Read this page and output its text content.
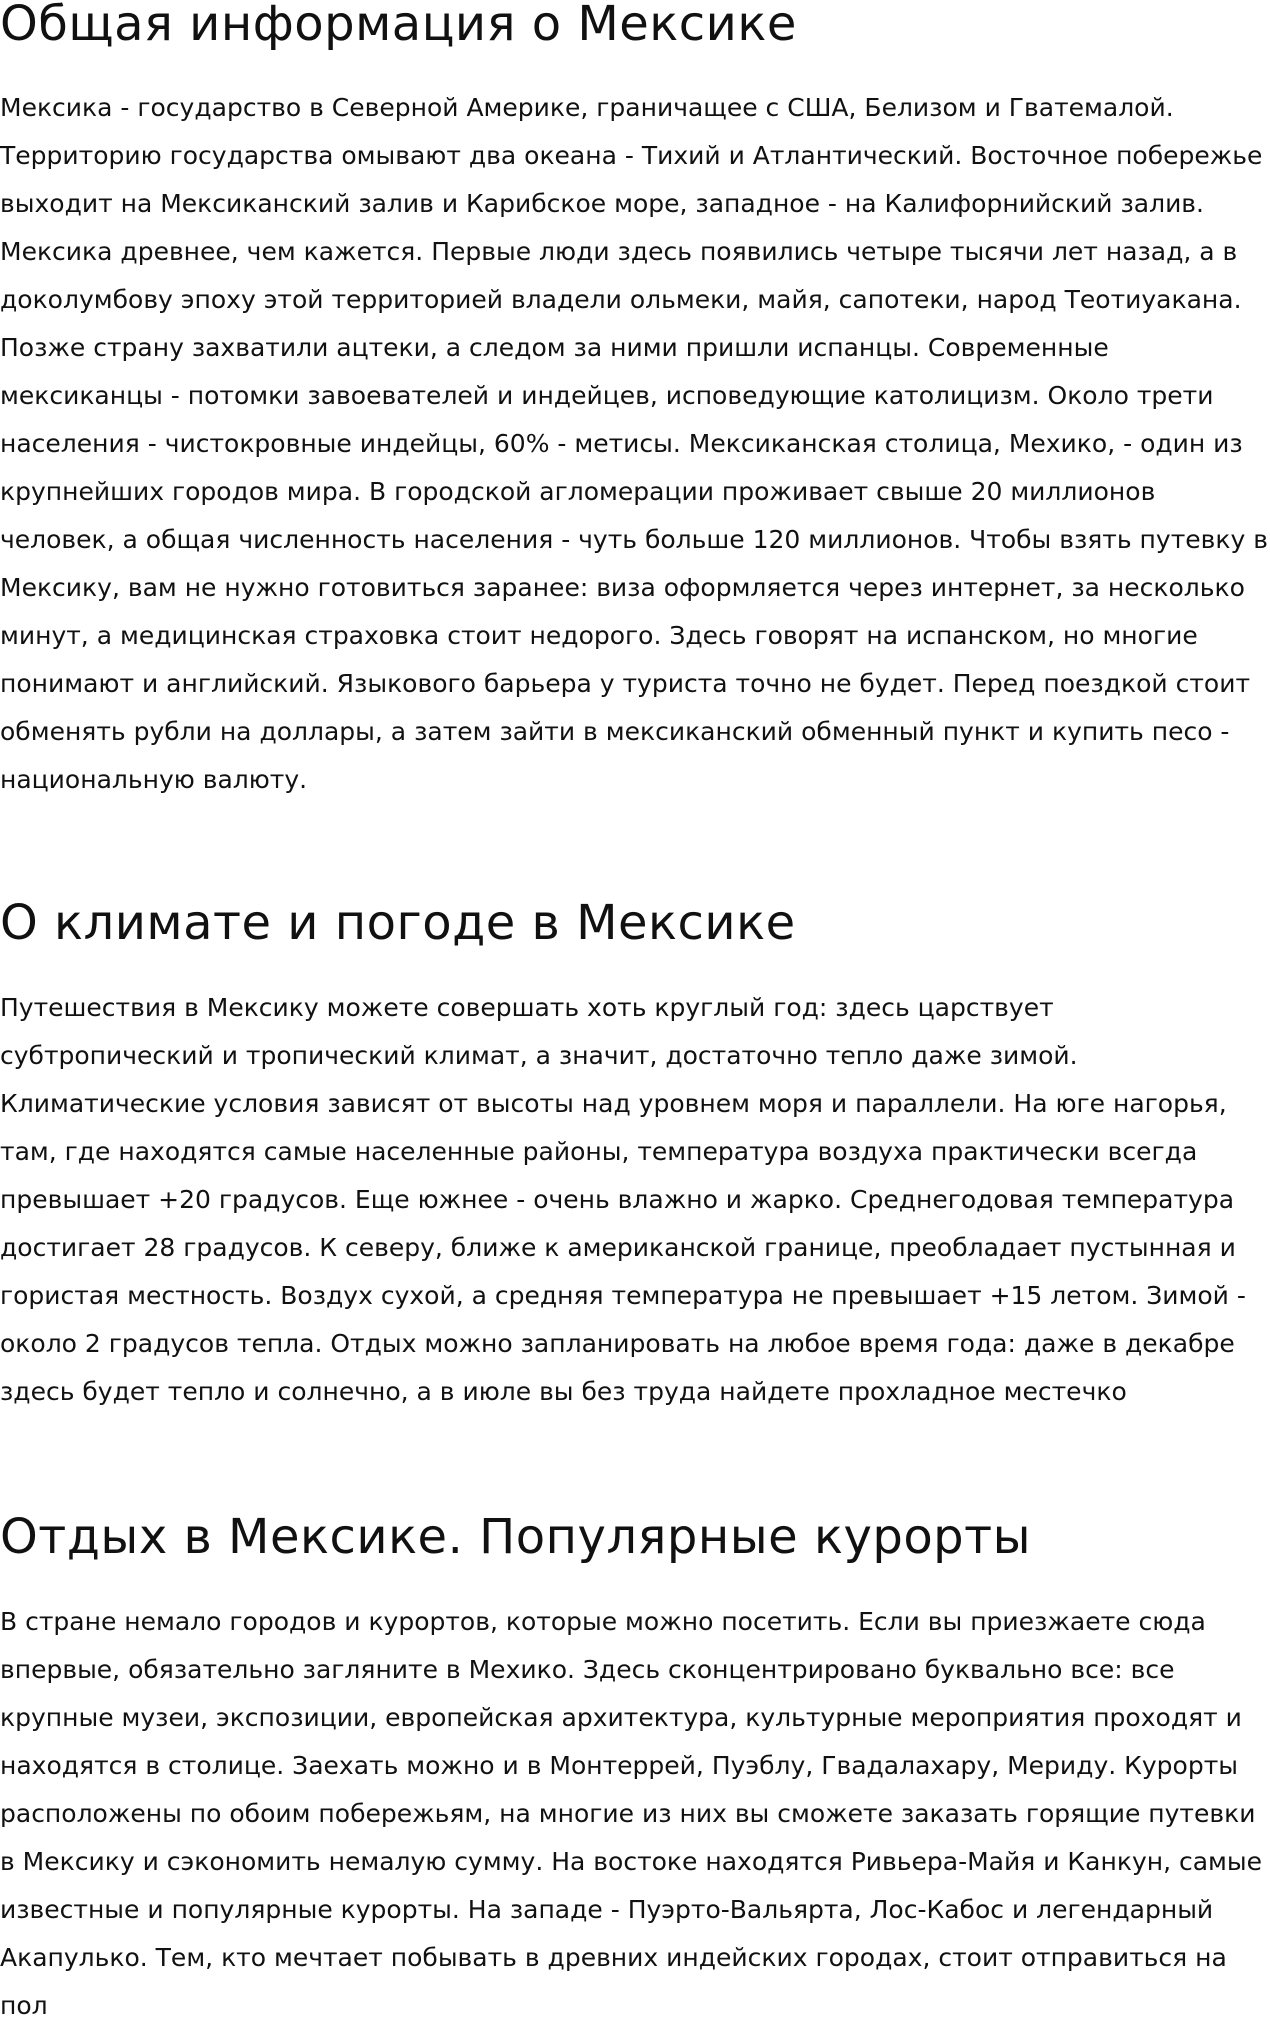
Общая информация о Мексике

Мексика - государство в Северной Америке, граничащее с США, Белизом и Гватемалой. Территорию государства омывают два океана - Тихий и Атлантический. Восточное побережье выходит на Мексиканский залив и Карибское море, западное - на Калифорнийский залив. Мексика древнее, чем кажется. Первые люди здесь появились четыре тысячи лет назад, а в доколумбову эпоху этой территорией владели ольмеки, майя, сапотеки, народ Теотиуакана. Позже страну захватили ацтеки, а следом за ними пришли испанцы. Современные мексиканцы - потомки завоевателей и индейцев, исповедующие католицизм. Около трети населения - чистокровные индейцы, 60% - метисы. Мексиканская столица, Мехико, - один из крупнейших городов мира. В городской агломерации проживает свыше 20 миллионов человек, а общая численность населения - чуть больше 120 миллионов. Чтобы взять путевку в Мексику, вам не нужно готовиться заранее: виза оформляется через интернет, за несколько минут, а медицинская страховка стоит недорого. Здесь говорят на испанском, но многие понимают и английский. Языкового барьера у туриста точно не будет. Перед поездкой стоит обменять рубли на доллары, а затем зайти в мексиканский обменный пункт и купить песо - национальную валюту.

О климате и погоде в Мексике

Путешествия в Мексику можете совершать хоть круглый год: здесь царствует субтропический и тропический климат, а значит, достаточно тепло даже зимой. Климатические условия зависят от высоты над уровнем моря и параллели. На юге нагорья, там, где находятся самые населенные районы, температура воздуха практически всегда превышает +20 градусов. Еще южнее - очень влажно и жарко. Среднегодовая температура достигает 28 градусов. К северу, ближе к американской границе, преобладает пустынная и гористая местность. Воздух сухой, а средняя температура не превышает +15 летом. Зимой - около 2 градусов тепла. Отдых можно запланировать на любое время года: даже в декабре здесь будет тепло и солнечно, а в июле вы без труда найдете прохладное местечко

Отдых в Мексике. Популярные курорты

В стране немало городов и курортов, которые можно посетить. Если вы приезжаете сюда впервые, обязательно загляните в Мехико. Здесь сконцентрировано буквально все: все крупные музеи, экспозиции, европейская архитектура, культурные мероприятия проходят и находятся в столице. Заехать можно и в Монтеррей, Пуэблу, Гвадалахару, Мериду. Курорты расположены по обоим побережьям, на многие из них вы сможете заказать горящие путевки в Мексику и сэкономить немалую сумму. На востоке находятся Ривьера-Майя и Канкун, самые известные и популярные курорты. На западе - Пуэрто-Вальярта, Лос-Кабос и легендарный Акапулько. Тем, кто мечтает побывать в древних индейских городах, стоит отправиться на пол
